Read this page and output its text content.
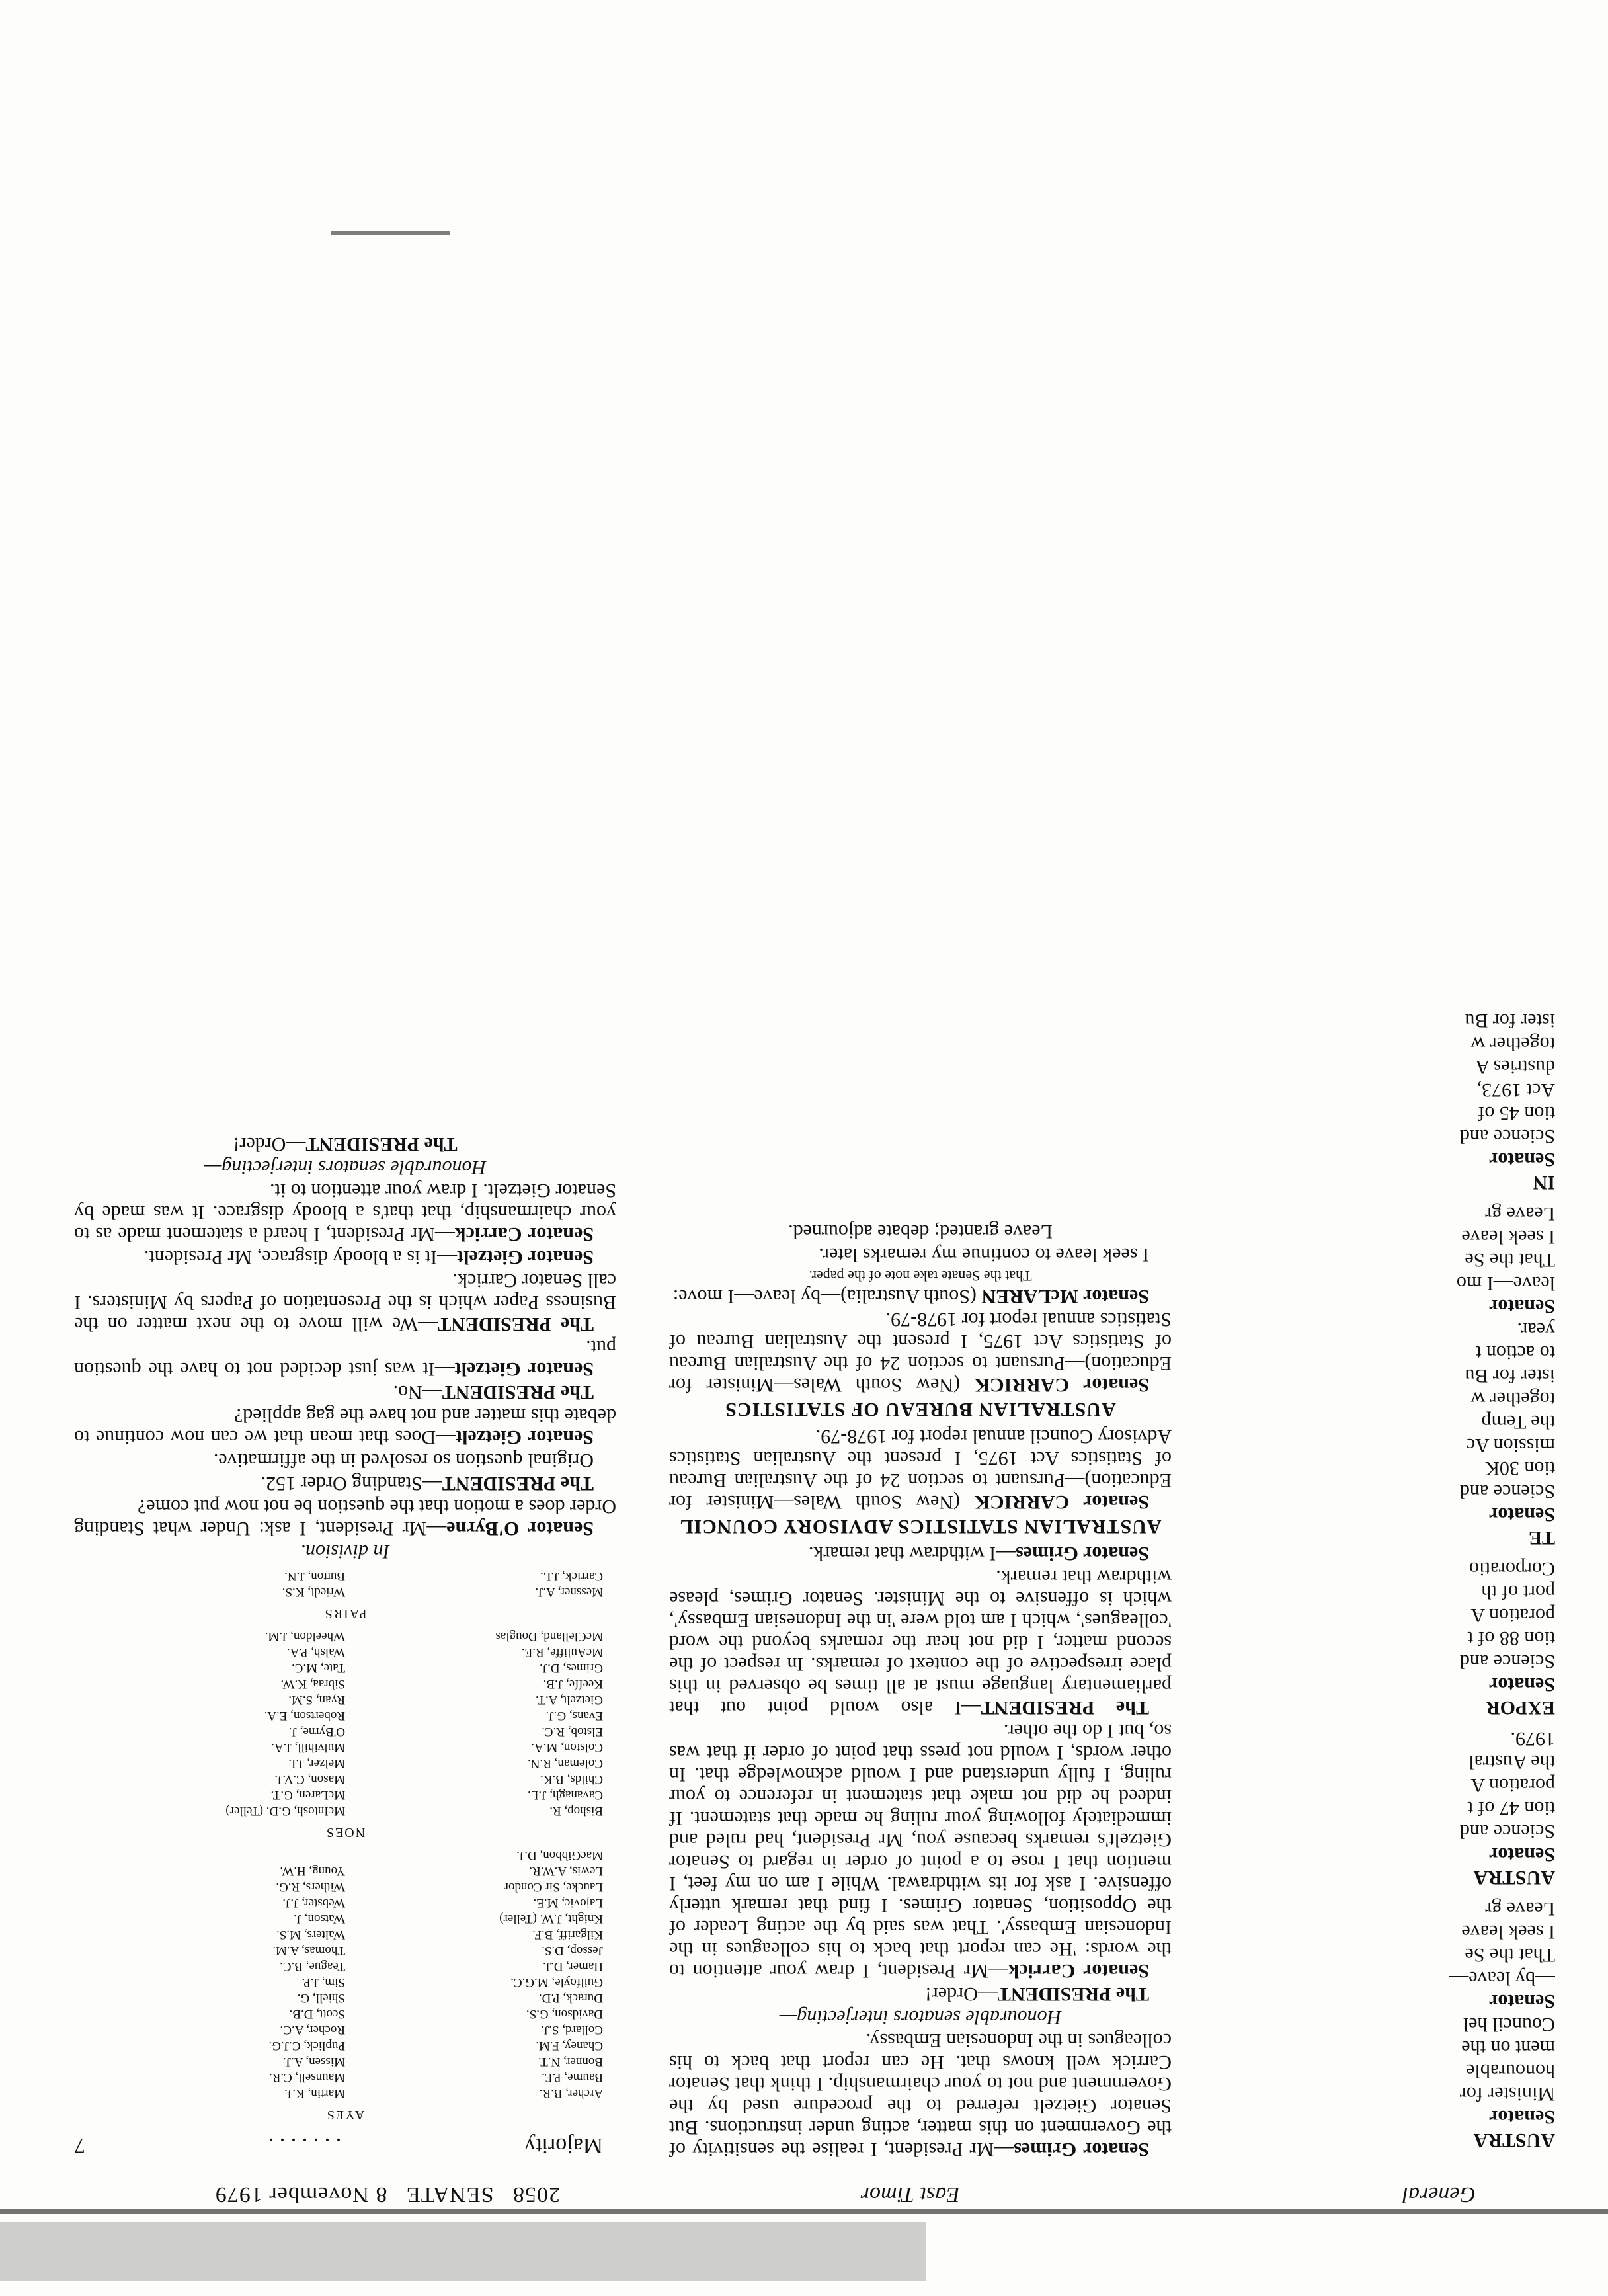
General
East Timor
2058   SENATE   8 November 1979

AUSTRA

Senator

Minister for

honourable

ment on the

Council hel

Senator

—by leave—

That the Se

I seek leave

Leave gr

AUSTRA

Senator

Science and

tion 47 of t

poration A

the Austral

1979.

EXPOR

Senator

Science and

tion 88 of t

poration A

port of th

Corporatio

TE

Senator

Science and

tion 30K

mission Ac

the Temp

together w

ister for Bu

to action t

year.

Senator

leave—I mo

That the Se

I seek leave

Leave gr

IN

Senator

Science and

tion 45 of

Act 1973,

dustries A

together w

ister for Bu

Senator Grimes—Mr President, I realise the sensitivity of the Government on this matter, acting under instructions. But Senator Gietzelt referred to the procedure used by the Government and not to your chairmanship. I think that Senator Carrick well knows that. He can report that back to his colleagues in the Indonesian Embassy.

Honourable senators interjecting—

The PRESIDENT—Order!

Senator Carrick—Mr President, I draw your attention to the words: 'He can report that back to his colleagues in the Indonesian Embassy'. That was said by the acting Leader of the Opposition, Senator Grimes. I find that remark utterly offensive. I ask for its withdrawal. While I am on my feet, I mention that I rose to a point of order in regard to Senator Gietzelt's remarks because you, Mr President, had ruled and immediately following your ruling he made that statement. If indeed he did not make that statement in reference to your ruling, I fully understand and I would acknowledge that. In other words, I would not press that point of order if that was so, but I do the other.

The PRESIDENT—I also would point out that parliamentary language must at all times be observed in this place irrespective of the context of remarks. In respect of the second matter, I did not hear the remarks beyond the word 'colleagues', which I am told were 'in the Indonesian Embassy', which is offensive to the Minister. Senator Grimes, please withdraw that remark.

Senator Grimes—I withdraw that remark.

AUSTRALIAN STATISTICS ADVISORY COUNCIL

Senator CARRICK (New South Wales—Minister for Education)—Pursuant to section 24 of the Australian Bureau of Statistics Act 1975, I present the Australian Statistics Advisory Council annual report for 1978-79.

AUSTRALIAN BUREAU OF STATISTICS

Senator CARRICK (New South Wales—Minister for Education)—Pursuant to section 24 of the Australian Bureau of Statistics Act 1975, I present the Australian Bureau of Statistics annual report for 1978-79.

Senator McLAREN (South Australia)—by leave—I move:

That the Senate take note of the paper.

I seek leave to continue my remarks later.

Leave granted; debate adjourned.

Majority
. . . . . . .
7
AYES
Archer, B.R.
Martin, K.J.
Baume, P.E.
Maunsell, C.R.
Bonner, N.T.
Missen, A.J.
Chaney, F.M.
Puplick, C.J.G.
Collard, S.J.
Rocher, A.C.
Davidson, G.S.
Scott, D.B.
Durack, P.D.
Shiell, G.
Guilfoyle, M.G.C.
Sim, J.P.
Hamer, D.J.
Teague, B.C.
Jessop, D.S.
Thomas, A.M.
Kilgariff, B.F.
Walters, M.S.
Knight, J.W. (Teller)
Watson, J.
Lajovic, M.E.
Webster, J.J.
Laucke, Sir Condor
Withers, R.G.
Lewis, A.W.R.
Young, H.W.
MacGibbon, D.J.
NOES
Bishop, R.
McIntosh, G.D. (Teller)
Cavanagh, J.L.
McLaren, G.T.
Childs, B.K.
Mason, C.V.J.
Coleman, R.N.
Melzer, J.I.
Colston, M.A.
Mulvihill, J.A.
Elstob, R.C.
O'Byrne, J.
Evans, G.J.
Robertson, E.A.
Gietzelt, A.T.
Ryan, S.M.
Keeffe, J.B.
Sibraa, K.W.
Grimes, D.J.
Tate, M.C.
McAuliffe, R.E.
Walsh, P.A.
McClelland, Douglas
Wheeldon, J.M.
PAIRS
Messner, A.J.
Wriedt, K.S.
Carrick, J.L.
Button, J.N.

In division.

Senator O'Byrne—Mr President, I ask: Under what Standing Order does a motion that the question be not now put come?

The PRESIDENT—Standing Order 152.

Original question so resolved in the affirmative.

Senator Gietzelt—Does that mean that we can now continue to debate this matter and not have the gag applied?

The PRESIDENT—No.

Senator Gietzelt—It was just decided not to have the question put.

The PRESIDENT—We will move to the next matter on the Business Paper which is the Presentation of Papers by Ministers. I call Senator Carrick.

Senator Gietzelt—It is a bloody disgrace, Mr President.

Senator Carrick—Mr President, I heard a statement made as to your chairmanship, that that's a bloody disgrace. It was made by Senator Gietzelt. I draw your attention to it.

Honourable senators interjecting—

The PRESIDENT—Order!
